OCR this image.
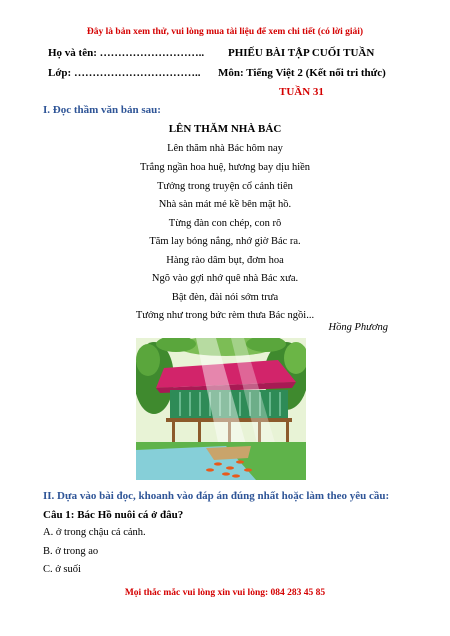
Đây là bản xem thử, vui lòng mua tài liệu để xem chi tiết (có lời giải)
Họ và tên: ………………………..
Lớp: ……………………………..
PHIẾU BÀI TẬP CUỐI TUẦN
Môn: Tiếng Việt 2 (Kết nối tri thức)
TUẦN 31
I. Đọc thầm văn bản sau:
LÊN THĂM NHÀ BÁC
Lên thăm nhà Bác hôm nay
Trắng ngần hoa huệ, hương bay dịu hiền
Tưởng trong truyện cổ cảnh tiên
Nhà sàn mát mẻ kề bên mặt hồ.
Từng đàn con chép, con rô
Tăm lay bóng nắng, nhớ giờ Bác ra.
Hàng rào dâm bụt, đơm hoa
Ngõ vào gợi nhớ quê nhà Bác xưa.
Bật đèn, đài nói sớm trưa
Tưởng như trong bức rèm thưa Bác ngồi...
Hồng Phương
II. Dựa vào bài đọc, khoanh vào đáp án đúng nhất hoặc làm theo yêu cầu:
Câu 1: Bác Hồ nuôi cá ở đâu?
A. ở trong chậu cá cảnh.
B. ở trong ao
C. ở suối
Mọi thắc mắc vui lòng xin vui lòng: 084 283 45 85
